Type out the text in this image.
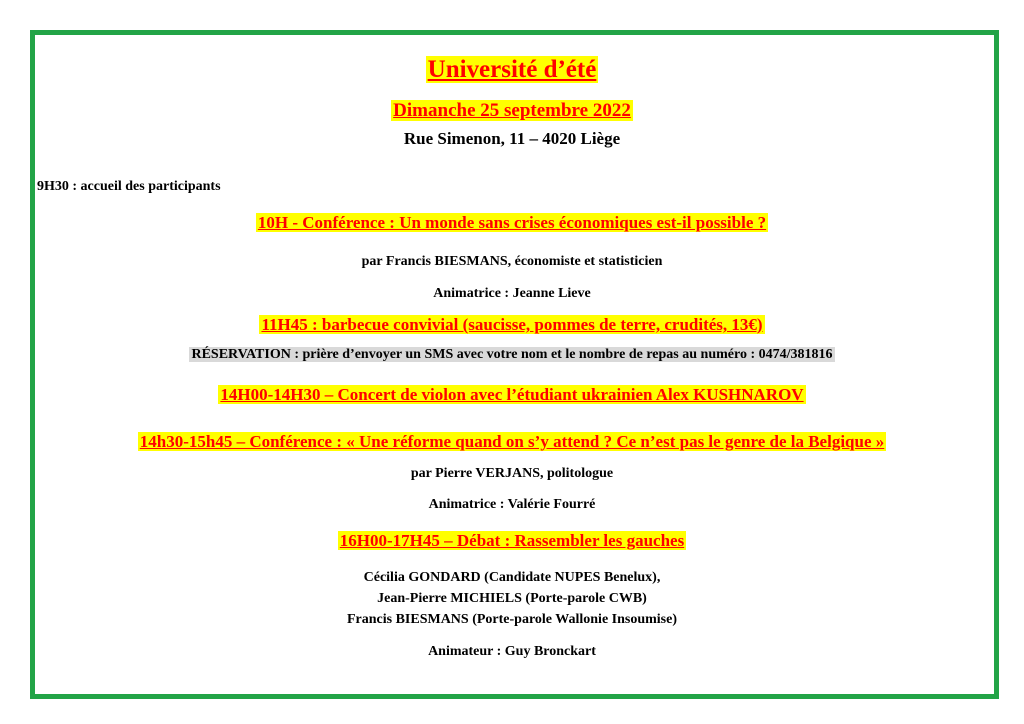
Université d’été
Dimanche 25 septembre 2022
Rue Simenon, 11 – 4020 Liège
9H30 : accueil des participants
10H - Conférence : Un monde sans crises économiques est-il possible ?
par Francis BIESMANS, économiste et statisticien
Animatrice : Jeanne Lieve
11H45 : barbecue convivial (saucisse, pommes de terre, crudités, 13€)
RÉSERVATION : prière d’envoyer un SMS avec votre nom et le nombre de repas au numéro : 0474/381816
14H00-14H30 – Concert de violon avec l’étudiant ukrainien Alex KUSHNAROV
14h30-15h45 – Conférence : « Une réforme quand on s’y attend ? Ce n’est pas le genre de la Belgique »
par Pierre VERJANS, politologue
Animatrice : Valérie Fourré
16H00-17H45 – Débat : Rassembler les gauches
Cécilia GONDARD (Candidate NUPES Benelux),
Jean-Pierre MICHIELS (Porte-parole CWB)
Francis BIESMANS (Porte-parole Wallonie Insoumise)
Animateur : Guy Bronckart
